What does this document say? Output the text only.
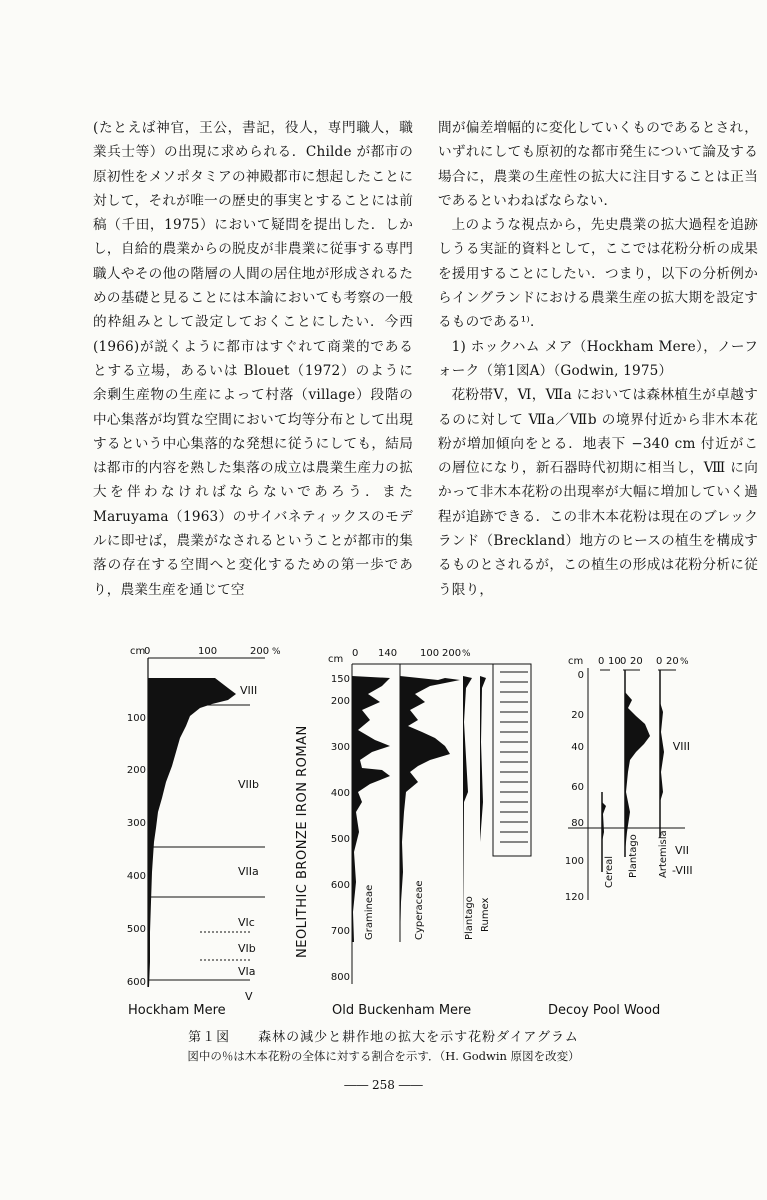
(たとえば神官，王公，書記，役人，専門職人，職業兵士等）の出現に求められる．Childe が都市の原初性をメソポタミアの神殿都市に想起したことに対して，それが唯一の歴史的事実とすることには前稿（千田，1975）において疑問を提出した．しかし，自給的農業からの脱皮が非農業に従事する専門職人やその他の階層の人間の居住地が形成されるための基礎と見ることには本論においても考察の一般的枠組みとして設定しておくことにしたい．今西(1966)が説くように都市はすぐれて商業的であるとする立場，あるいは Blouet（1972）のように余剰生産物の生産によって村落（village）段階の中心集落が均質な空間において均等分布として出現するという中心集落的な発想に従うにしても，結局は都市的内容を熟した集落の成立は農業生産力の拡大を伴わなければならないであろう．また Maruyama（1963）のサイバネティックスのモデルに即せば，農業がなされるということが都市的集落の存在する空間へと変化するための第一歩であり，農業生産を通じて空

間が偏差増幅的に変化していくものであるとされ，いずれにしても原初的な都市発生について論及する場合に，農業の生産性の拡大に注目することは正当であるといわねばならない．

上のような視点から，先史農業の拡大過程を追跡しうる実証的資料として，ここでは花粉分析の成果を援用することにしたい．つまり，以下の分析例からイングランドにおける農業生産の拡大期を設定するものである¹⁾．

1) ホックハム メア（Hockham Mere），ノーフォーク（第1図A）（Godwin, 1975）

花粉帯Ⅴ，Ⅵ，Ⅶa においては森林植生が卓越するのに対して Ⅶa／Ⅶb の境界付近から非木本花粉が増加傾向をとる．地表下 −340 cm 付近がこの層位になり，新石器時代初期に相当し，Ⅷ に向かって非木本花粉の出現率が大幅に増加していく過程が追跡できる．この非木本花粉は現在のブレックランド（Breckland）地方のヒースの植生を構成するものとされるが，この植生の形成は花粉分析に従う限り，

cm
0	100	200 %
100
200
300
400
500
600
VIII
VIIb
VIIa
VIc
VIb
VIa
V
Hockham Mere
cm
0 140 100 200 %
150
200
300
400
500
600
700
800
NEOLITHIC BRONZE IRON ROMAN	Gramineae	Cyperaceae	Plantago Rumex
Old Buckenham Mere
cm 0 10 0 20 0 20 %
0
20
40
60
80
100
120
Cereal Plantago Artemisia
VIII
VII
-VIII
Decoy Pool Wood
第１図　　森林の減少と耕作地の拡大を示す花粉ダイアグラム
図中の％は木本花粉の全体に対する割合を示す．（H. Godwin 原図を改変）
―― 258 ――
